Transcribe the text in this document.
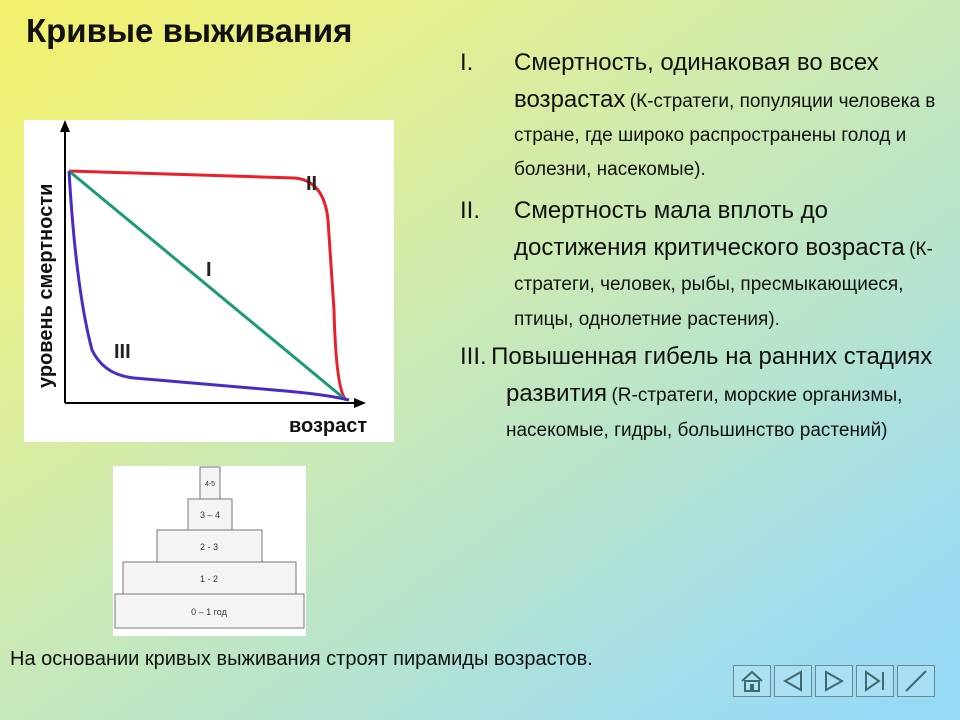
Кривые выживания
I. Смертность, одинаковая во всех возрастах (К-стратеги, популяции человека в стране, где широко распространены голод и болезни, насекомые).
II. Смертность мала вплоть до достижения критического возраста (К-стратеги, человек, рыбы, пресмыкающиеся, птицы, однолетние растения).
III. Повышенная гибель на ранних стадиях развития (R-стратеги, морские организмы, насекомые, гидры, большинство растений)
II
I
III
уровень смертности
возраст
0 – 1 год
1 - 2
2 - 3
3 – 4
4-5
На основании кривых выживания строят пирамиды возрастов.
